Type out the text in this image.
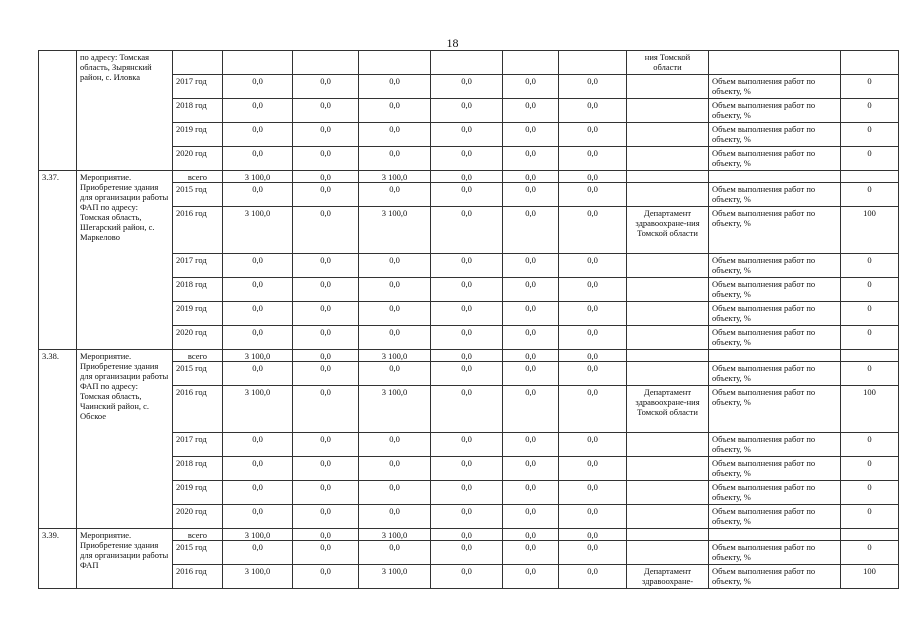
18
	по адресу: Томская область, Зырянский район, с. Иловка								ния Томской области		
		2017 год	0,0	0,0	0,0	0,0	0,0	0,0		Объем выполнения работ по объекту, %	0
		2018 год	0,0	0,0	0,0	0,0	0,0	0,0		Объем выполнения работ по объекту, %	0
		2019 год	0,0	0,0	0,0	0,0	0,0	0,0		Объем выполнения работ по объекту, %	0
		2020 год	0,0	0,0	0,0	0,0	0,0	0,0		Объем выполнения работ по объекту, %	0
3.37.	Мероприятие. Приобретение здания для организации работы ФАП по адресу: Томская область, Шегарский район, с. Маркелово	всего	3 100,0	0,0	3 100,0	0,0	0,0	0,0			
		2015 год	0,0	0,0	0,0	0,0	0,0	0,0		Объем выполнения работ по объекту, %	0
		2016 год	3 100,0	0,0	3 100,0	0,0	0,0	0,0	Департамент здравоохране-ния Томской области	Объем выполнения работ по объекту, %	100
		2017 год	0,0	0,0	0,0	0,0	0,0	0,0		Объем выполнения работ по объекту, %	0
		2018 год	0,0	0,0	0,0	0,0	0,0	0,0		Объем выполнения работ по объекту, %	0
		2019 год	0,0	0,0	0,0	0,0	0,0	0,0		Объем выполнения работ по объекту, %	0
		2020 год	0,0	0,0	0,0	0,0	0,0	0,0		Объем выполнения работ по объекту, %	0
3.38.	Мероприятие. Приобретение здания для организации работы ФАП по адресу: Томская область, Чаинский район, с. Обское	всего	3 100,0	0,0	3 100,0	0,0	0,0	0,0			
		2015 год	0,0	0,0	0,0	0,0	0,0	0,0		Объем выполнения работ по объекту, %	0
		2016 год	3 100,0	0,0	3 100,0	0,0	0,0	0,0	Департамент здравоохране-ния Томской области	Объем выполнения работ по объекту, %	100
		2017 год	0,0	0,0	0,0	0,0	0,0	0,0		Объем выполнения работ по объекту, %	0
		2018 год	0,0	0,0	0,0	0,0	0,0	0,0		Объем выполнения работ по объекту, %	0
		2019 год	0,0	0,0	0,0	0,0	0,0	0,0		Объем выполнения работ по объекту, %	0
		2020 год	0,0	0,0	0,0	0,0	0,0	0,0		Объем выполнения работ по объекту, %	0
3.39.	Мероприятие. Приобретение здания для организации работы ФАП	всего	3 100,0	0,0	3 100,0	0,0	0,0	0,0			
		2015 год	0,0	0,0	0,0	0,0	0,0	0,0		Объем выполнения работ по объекту, %	0
		2016 год	3 100,0	0,0	3 100,0	0,0	0,0	0,0	Департамент здравоохране-	Объем выполнения работ по объекту, %	100
